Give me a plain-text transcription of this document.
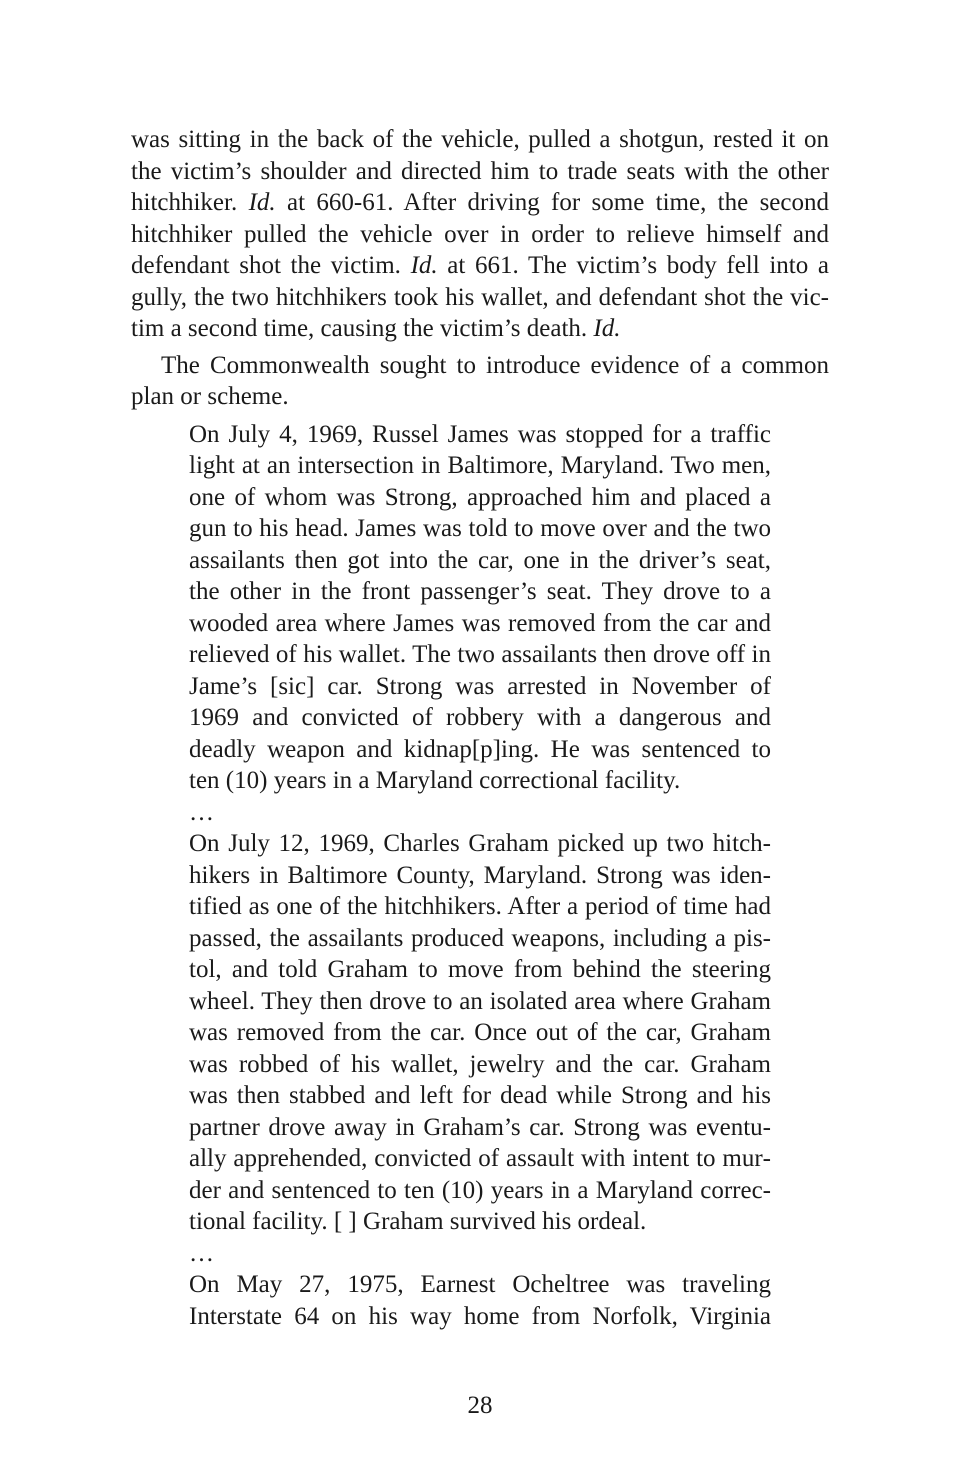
was sitting in the back of the vehicle, pulled a shotgun, rested it on the victim’s shoulder and directed him to trade seats with the other hitchhiker. Id. at 660-61. After driving for some time, the second hitchhiker pulled the vehicle over in order to relieve himself and defendant shot the victim. Id. at 661. The victim’s body fell into a gully, the two hitchhikers took his wallet, and defendant shot the victim a second time, causing the victim’s death. Id.

The Commonwealth sought to introduce evidence of a common plan or scheme.

On July 4, 1969, Russel James was stopped for a traffic light at an intersection in Baltimore, Maryland. Two men, one of whom was Strong, approached him and placed a gun to his head. James was told to move over and the two assailants then got into the car, one in the driver’s seat, the other in the front passenger’s seat. They drove to a wooded area where James was removed from the car and relieved of his wallet. The two assailants then drove off in Jame’s [sic] car. Strong was arrested in November of 1969 and convicted of robbery with a dangerous and deadly weapon and kidnap[p]ing. He was sentenced to ten (10) years in a Maryland correctional facility.

…

On July 12, 1969, Charles Graham picked up two hitchhikers in Baltimore County, Maryland. Strong was identified as one of the hitchhikers. After a period of time had passed, the assailants produced weapons, including a pistol, and told Graham to move from behind the steering wheel. They then drove to an isolated area where Graham was removed from the car. Once out of the car, Graham was robbed of his wallet, jewelry and the car. Graham was then stabbed and left for dead while Strong and his partner drove away in Graham’s car. Strong was eventually apprehended, convicted of assault with intent to murder and sentenced to ten (10) years in a Maryland correctional facility. [ ] Graham survived his ordeal.

…

On May 27, 1975, Earnest Ocheltree was traveling Interstate 64 on his way home from Norfolk, Virginia

28
